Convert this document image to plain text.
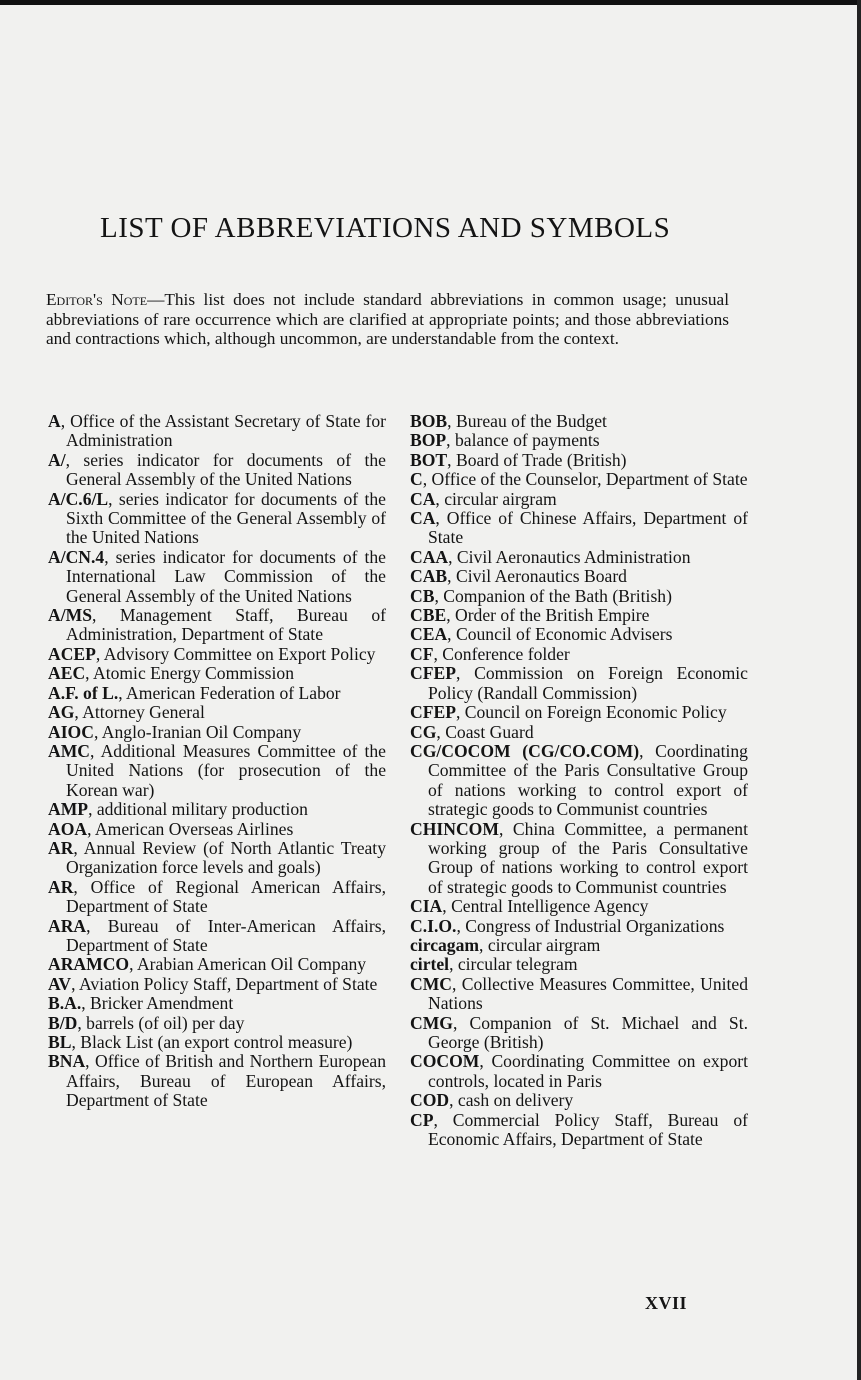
LIST OF ABBREVIATIONS AND SYMBOLS

Editor's Note—This list does not include standard abbreviations in common usage; unusual abbreviations of rare occurrence which are clarified at appropriate points; and those abbreviations and contractions which, although uncommon, are understandable from the context.

A, Office of the Assistant Secretary of State for Administration

A/, series indicator for documents of the General Assembly of the United Nations

A/C.6/L, series indicator for documents of the Sixth Committee of the General Assembly of the United Nations

A/CN.4, series indicator for documents of the International Law Commission of the General Assembly of the United Nations

A/MS, Management Staff, Bureau of Administration, Department of State

ACEP, Advisory Committee on Export Policy

AEC, Atomic Energy Commission

A.F. of L., American Federation of Labor

AG, Attorney General

AIOC, Anglo-Iranian Oil Company

AMC, Additional Measures Committee of the United Nations (for prosecution of the Korean war)

AMP, additional military production

AOA, American Overseas Airlines

AR, Annual Review (of North Atlantic Treaty Organization force levels and goals)

AR, Office of Regional American Affairs, Department of State

ARA, Bureau of Inter-American Affairs, Department of State

ARAMCO, Arabian American Oil Company

AV, Aviation Policy Staff, Department of State

B.A., Bricker Amendment

B/D, barrels (of oil) per day

BL, Black List (an export control measure)

BNA, Office of British and Northern European Affairs, Bureau of European Affairs, Department of State

BOB, Bureau of the Budget

BOP, balance of payments

BOT, Board of Trade (British)

C, Office of the Counselor, Department of State

CA, circular airgram

CA, Office of Chinese Affairs, Department of State

CAA, Civil Aeronautics Administration

CAB, Civil Aeronautics Board

CB, Companion of the Bath (British)

CBE, Order of the British Empire

CEA, Council of Economic Advisers

CF, Conference folder

CFEP, Commission on Foreign Economic Policy (Randall Commission)

CFEP, Council on Foreign Economic Policy

CG, Coast Guard

CG/COCOM (CG/CO.COM), Coordinating Committee of the Paris Consultative Group of nations working to control export of strategic goods to Communist countries

CHINCOM, China Committee, a permanent working group of the Paris Consultative Group of nations working to control export of strategic goods to Communist countries

CIA, Central Intelligence Agency

C.I.O., Congress of Industrial Organizations

circagam, circular airgram

cirtel, circular telegram

CMC, Collective Measures Committee, United Nations

CMG, Companion of St. Michael and St. George (British)

COCOM, Coordinating Committee on export controls, located in Paris

COD, cash on delivery

CP, Commercial Policy Staff, Bureau of Economic Affairs, Department of State

XVII
